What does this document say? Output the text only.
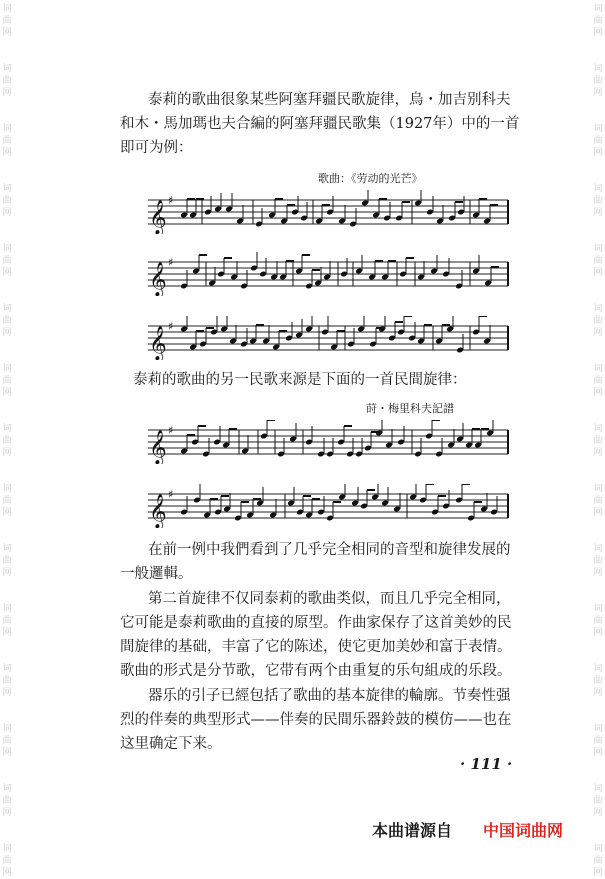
词
曲
网
词
曲
网
词
曲
网
词
曲
网
词
曲
网
词
曲
网
词
曲
网
词
曲
网
词
曲
网
词
曲
网
词
曲
网
词
曲
网
词
曲
网
词
曲
网
词
曲
网
词
曲
网
词
曲
网
词
曲
网
词
曲
网
词
曲
网
词
曲
网
词
曲
网
词
曲
网
词
曲
网
词
曲
网
词
曲
网
词
曲
网
词
曲
网
词
曲
网
词
曲
网
泰莉的歌曲很象某些阿塞拜疆民歌旋律，烏・加吉别科夫
和木・馬加瑪也夫合編的阿塞拜疆民歌集（1927年）中的一首
即可为例：
歌曲：《劳动的光芒》
𝄞 ♯
𝄞 ♯
𝄞 ♯
泰莉的歌曲的另一民歌来源是下面的一首民間旋律：
莳・梅里科夫記譜
𝄞 ♯
𝄞 ♯
在前一例中我們看到了几乎完全相同的音型和旋律发展的
一般邏輯。
第二首旋律不仅同泰莉的歌曲类似，而且几乎完全相同，
它可能是泰莉歌曲的直接的原型。作曲家保存了这首美妙的民
間旋律的基础，丰富了它的陈述，使它更加美妙和富于表情。
歌曲的形式是分节歌，它带有两个由重复的乐句組成的乐段。
器乐的引子已經包括了歌曲的基本旋律的輪廓。节奏性强
烈的伴奏的典型形式——伴奏的民間乐器鈴鼓的模仿——也在
这里确定下来。
· 111 ·
本曲谱源自 中国词曲网
